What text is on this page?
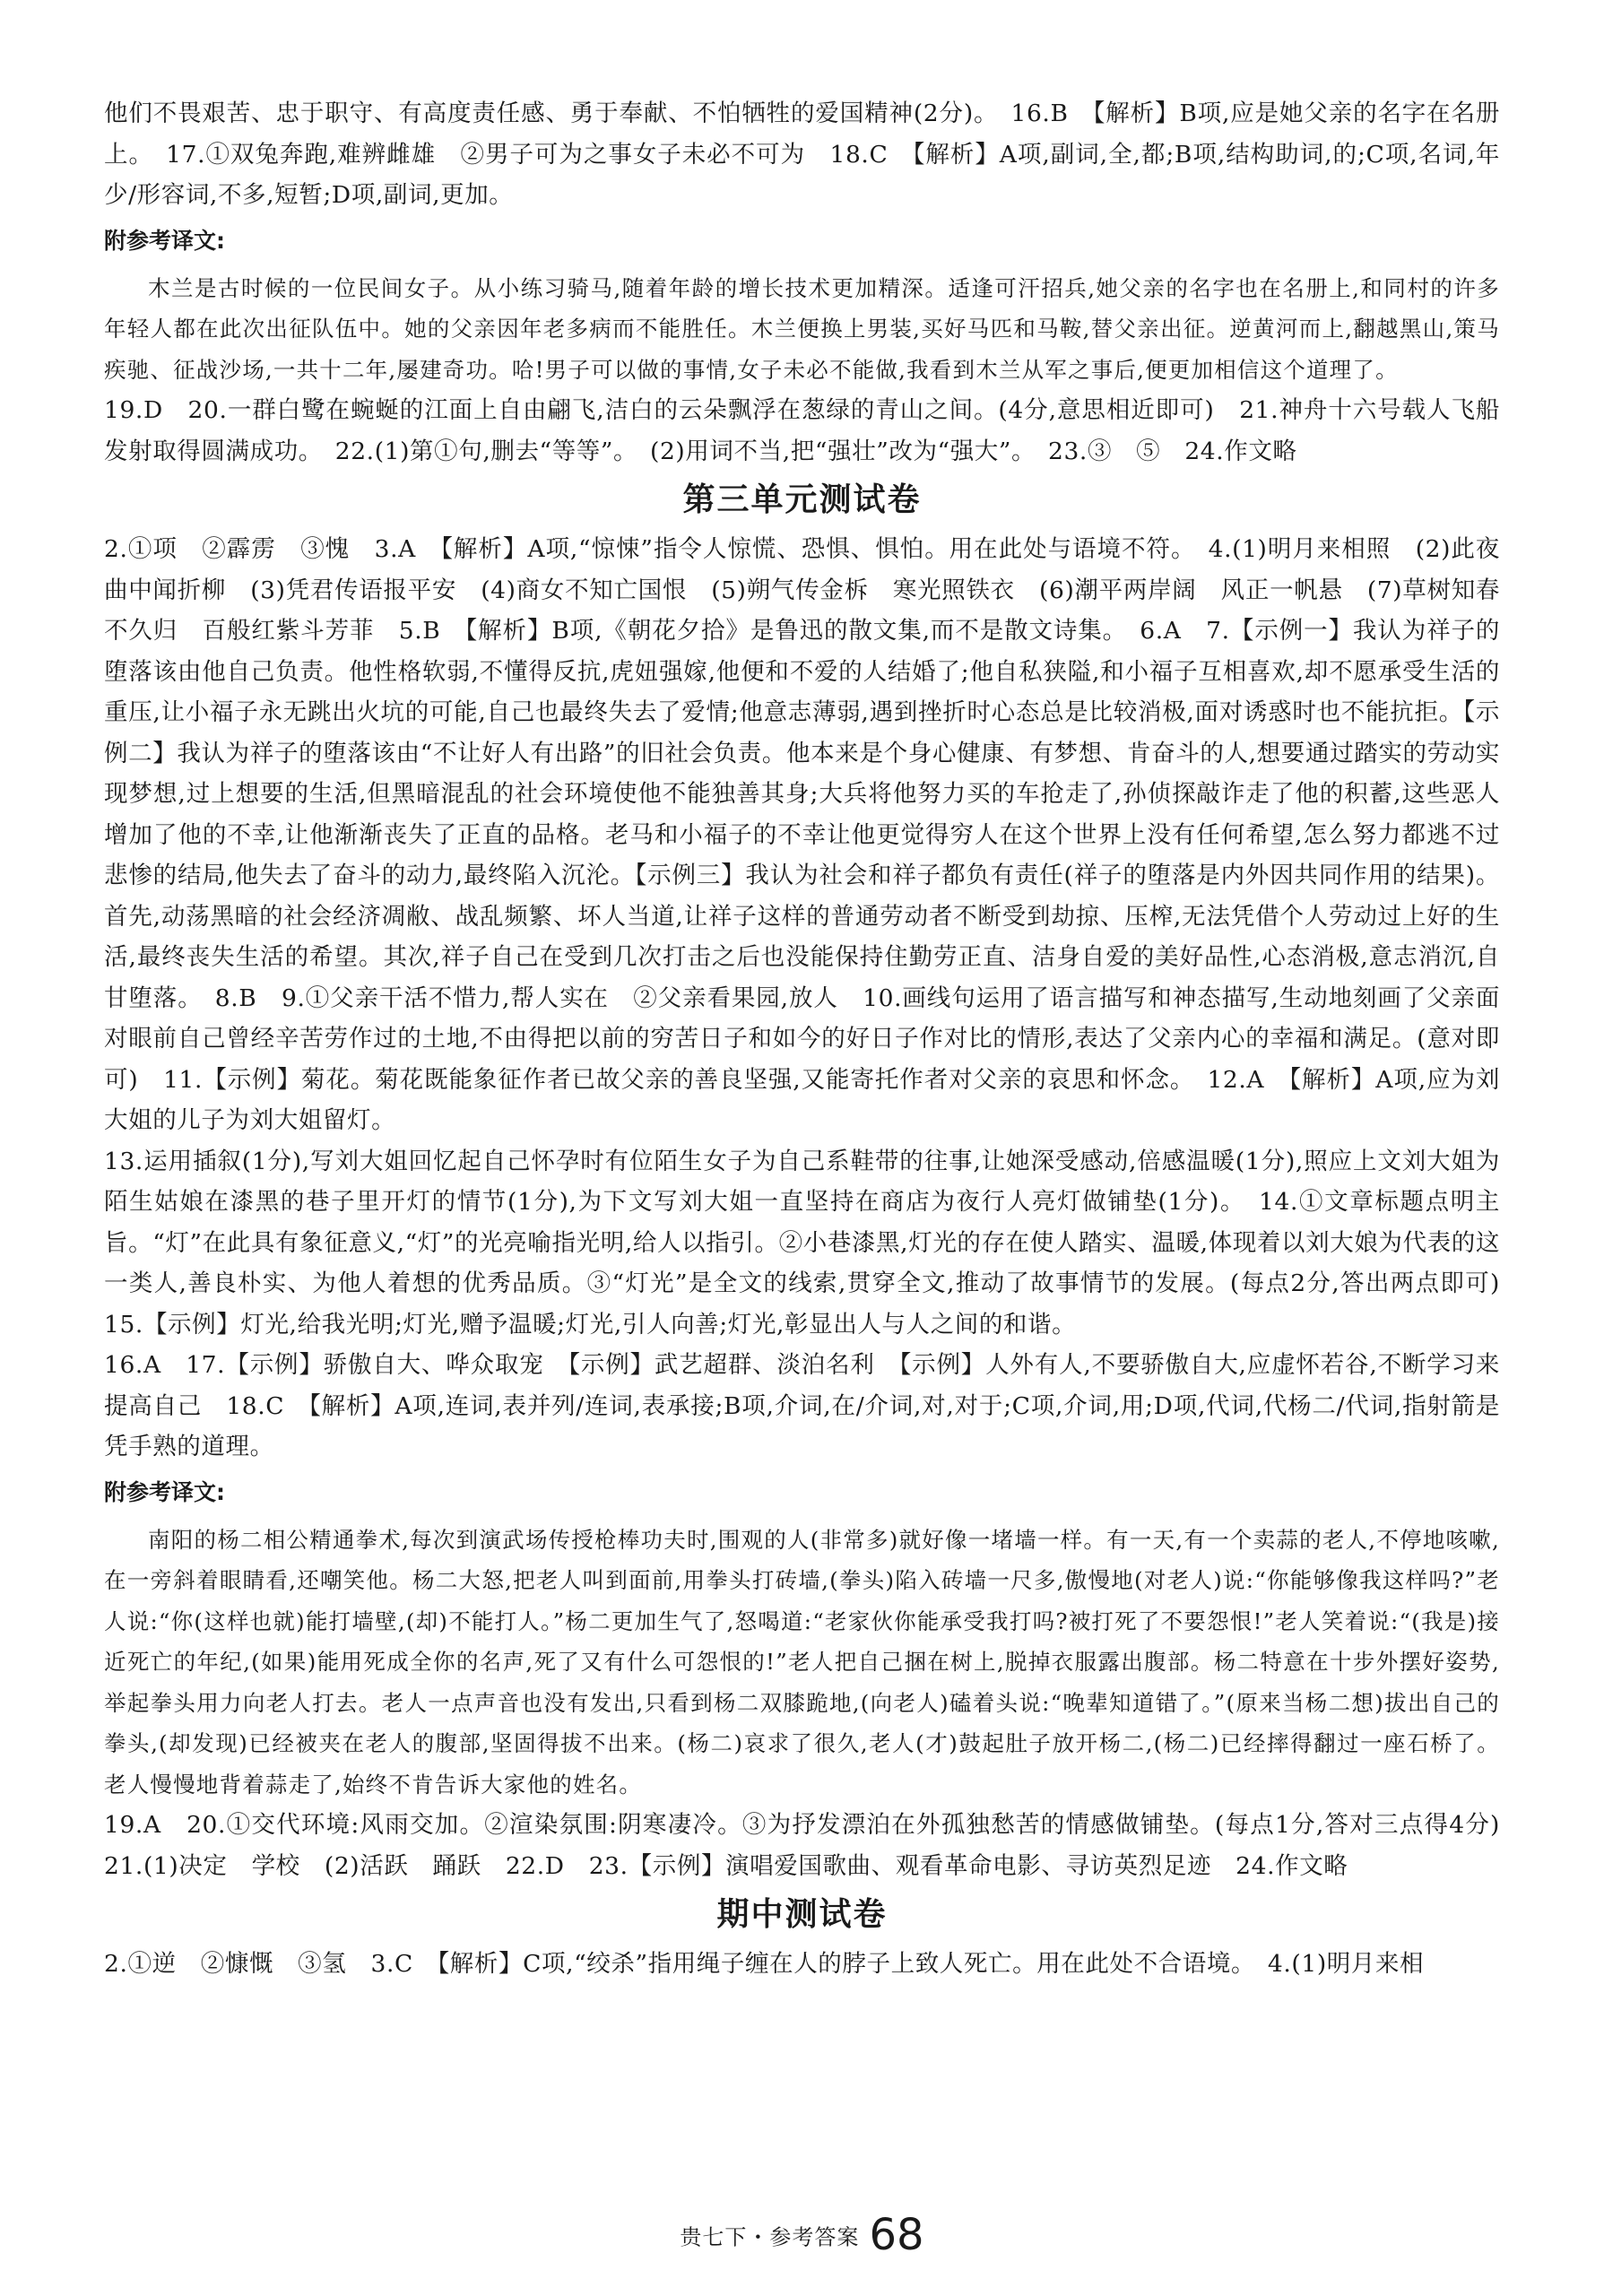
他们不畏艰苦、忠于职守、有高度责任感、勇于奉献、不怕牺牲的爱国精神(2分)。　16.B　【解析】B项,应是她父亲的名字在名册上。　17.①双兔奔跑,难辨雌雄　②男子可为之事女子未必不可为　18.C　【解析】A项,副词,全,都;B项,结构助词,的;C项,名词,年少/形容词,不多,短暂;D项,副词,更加。

附参考译文:

木兰是古时候的一位民间女子。从小练习骑马,随着年龄的增长技术更加精深。适逢可汗招兵,她父亲的名字也在名册上,和同村的许多年轻人都在此次出征队伍中。她的父亲因年老多病而不能胜任。木兰便换上男装,买好马匹和马鞍,替父亲出征。逆黄河而上,翻越黑山,策马疾驰、征战沙场,一共十二年,屡建奇功。哈!男子可以做的事情,女子未必不能做,我看到木兰从军之事后,便更加相信这个道理了。

19.D　20.一群白鹭在蜿蜒的江面上自由翩飞,洁白的云朵飘浮在葱绿的青山之间。(4分,意思相近即可)　21.神舟十六号载人飞船发射取得圆满成功。　22.(1)第①句,删去“等等”。　(2)用词不当,把“强壮”改为“强大”。　23.③　⑤　24.作文略

第三单元测试卷

2.①项　②霹雳　③愧　3.A　【解析】A项,“惊悚”指令人惊慌、恐惧、惧怕。用在此处与语境不符。　4.(1)明月来相照　(2)此夜曲中闻折柳　(3)凭君传语报平安　(4)商女不知亡国恨　(5)朔气传金柝　寒光照铁衣　(6)潮平两岸阔　风正一帆悬　(7)草树知春不久归　百般红紫斗芳菲　5.B　【解析】B项,《朝花夕拾》是鲁迅的散文集,而不是散文诗集。　6.A　7.【示例一】我认为祥子的堕落该由他自己负责。他性格软弱,不懂得反抗,虎妞强嫁,他便和不爱的人结婚了;他自私狭隘,和小福子互相喜欢,却不愿承受生活的重压,让小福子永无跳出火坑的可能,自己也最终失去了爱情;他意志薄弱,遇到挫折时心态总是比较消极,面对诱惑时也不能抗拒。【示例二】我认为祥子的堕落该由“不让好人有出路”的旧社会负责。他本来是个身心健康、有梦想、肯奋斗的人,想要通过踏实的劳动实现梦想,过上想要的生活,但黑暗混乱的社会环境使他不能独善其身;大兵将他努力买的车抢走了,孙侦探敲诈走了他的积蓄,这些恶人增加了他的不幸,让他渐渐丧失了正直的品格。老马和小福子的不幸让他更觉得穷人在这个世界上没有任何希望,怎么努力都逃不过悲惨的结局,他失去了奋斗的动力,最终陷入沉沦。【示例三】我认为社会和祥子都负有责任(祥子的堕落是内外因共同作用的结果)。首先,动荡黑暗的社会经济凋敝、战乱频繁、坏人当道,让祥子这样的普通劳动者不断受到劫掠、压榨,无法凭借个人劳动过上好的生活,最终丧失生活的希望。其次,祥子自己在受到几次打击之后也没能保持住勤劳正直、洁身自爱的美好品性,心态消极,意志消沉,自甘堕落。　8.B　9.①父亲干活不惜力,帮人实在　②父亲看果园,放人　10.画线句运用了语言描写和神态描写,生动地刻画了父亲面对眼前自己曾经辛苦劳作过的土地,不由得把以前的穷苦日子和如今的好日子作对比的情形,表达了父亲内心的幸福和满足。(意对即可)　11.【示例】菊花。菊花既能象征作者已故父亲的善良坚强,又能寄托作者对父亲的哀思和怀念。　12.A　【解析】A项,应为刘大姐的儿子为刘大姐留灯。

13.运用插叙(1分),写刘大姐回忆起自己怀孕时有位陌生女子为自己系鞋带的往事,让她深受感动,倍感温暖(1分),照应上文刘大姐为陌生姑娘在漆黑的巷子里开灯的情节(1分),为下文写刘大姐一直坚持在商店为夜行人亮灯做铺垫(1分)。　14.①文章标题点明主旨。“灯”在此具有象征意义,“灯”的光亮喻指光明,给人以指引。②小巷漆黑,灯光的存在使人踏实、温暖,体现着以刘大娘为代表的这一类人,善良朴实、为他人着想的优秀品质。③“灯光”是全文的线索,贯穿全文,推动了故事情节的发展。(每点2分,答出两点即可)　15.【示例】灯光,给我光明;灯光,赠予温暖;灯光,引人向善;灯光,彰显出人与人之间的和谐。

16.A　17.【示例】骄傲自大、哗众取宠　【示例】武艺超群、淡泊名利　【示例】人外有人,不要骄傲自大,应虚怀若谷,不断学习来提高自己　18.C　【解析】A项,连词,表并列/连词,表承接;B项,介词,在/介词,对,对于;C项,介词,用;D项,代词,代杨二/代词,指射箭是凭手熟的道理。

附参考译文:

南阳的杨二相公精通拳术,每次到演武场传授枪棒功夫时,围观的人(非常多)就好像一堵墙一样。有一天,有一个卖蒜的老人,不停地咳嗽,在一旁斜着眼睛看,还嘲笑他。杨二大怒,把老人叫到面前,用拳头打砖墙,(拳头)陷入砖墙一尺多,傲慢地(对老人)说:“你能够像我这样吗?”老人说:“你(这样也就)能打墙壁,(却)不能打人。”杨二更加生气了,怒喝道:“老家伙你能承受我打吗?被打死了不要怨恨!”老人笑着说:“(我是)接近死亡的年纪,(如果)能用死成全你的名声,死了又有什么可怨恨的!”老人把自己捆在树上,脱掉衣服露出腹部。杨二特意在十步外摆好姿势,举起拳头用力向老人打去。老人一点声音也没有发出,只看到杨二双膝跪地,(向老人)磕着头说:“晚辈知道错了。”(原来当杨二想)拔出自己的拳头,(却发现)已经被夹在老人的腹部,坚固得拔不出来。(杨二)哀求了很久,老人(才)鼓起肚子放开杨二,(杨二)已经摔得翻过一座石桥了。老人慢慢地背着蒜走了,始终不肯告诉大家他的姓名。

19.A　20.①交代环境:风雨交加。②渲染氛围:阴寒凄冷。③为抒发漂泊在外孤独愁苦的情感做铺垫。(每点1分,答对三点得4分)　21.(1)决定　学校　(2)活跃　踊跃　22.D　23.【示例】演唱爱国歌曲、观看革命电影、寻访英烈足迹　24.作文略

期中测试卷

2.①逆　②慷慨　③氢　3.C　【解析】C项,“绞杀”指用绳子缠在人的脖子上致人死亡。用在此处不合语境。　4.(1)明月来相

贵七下・参考答案 68
